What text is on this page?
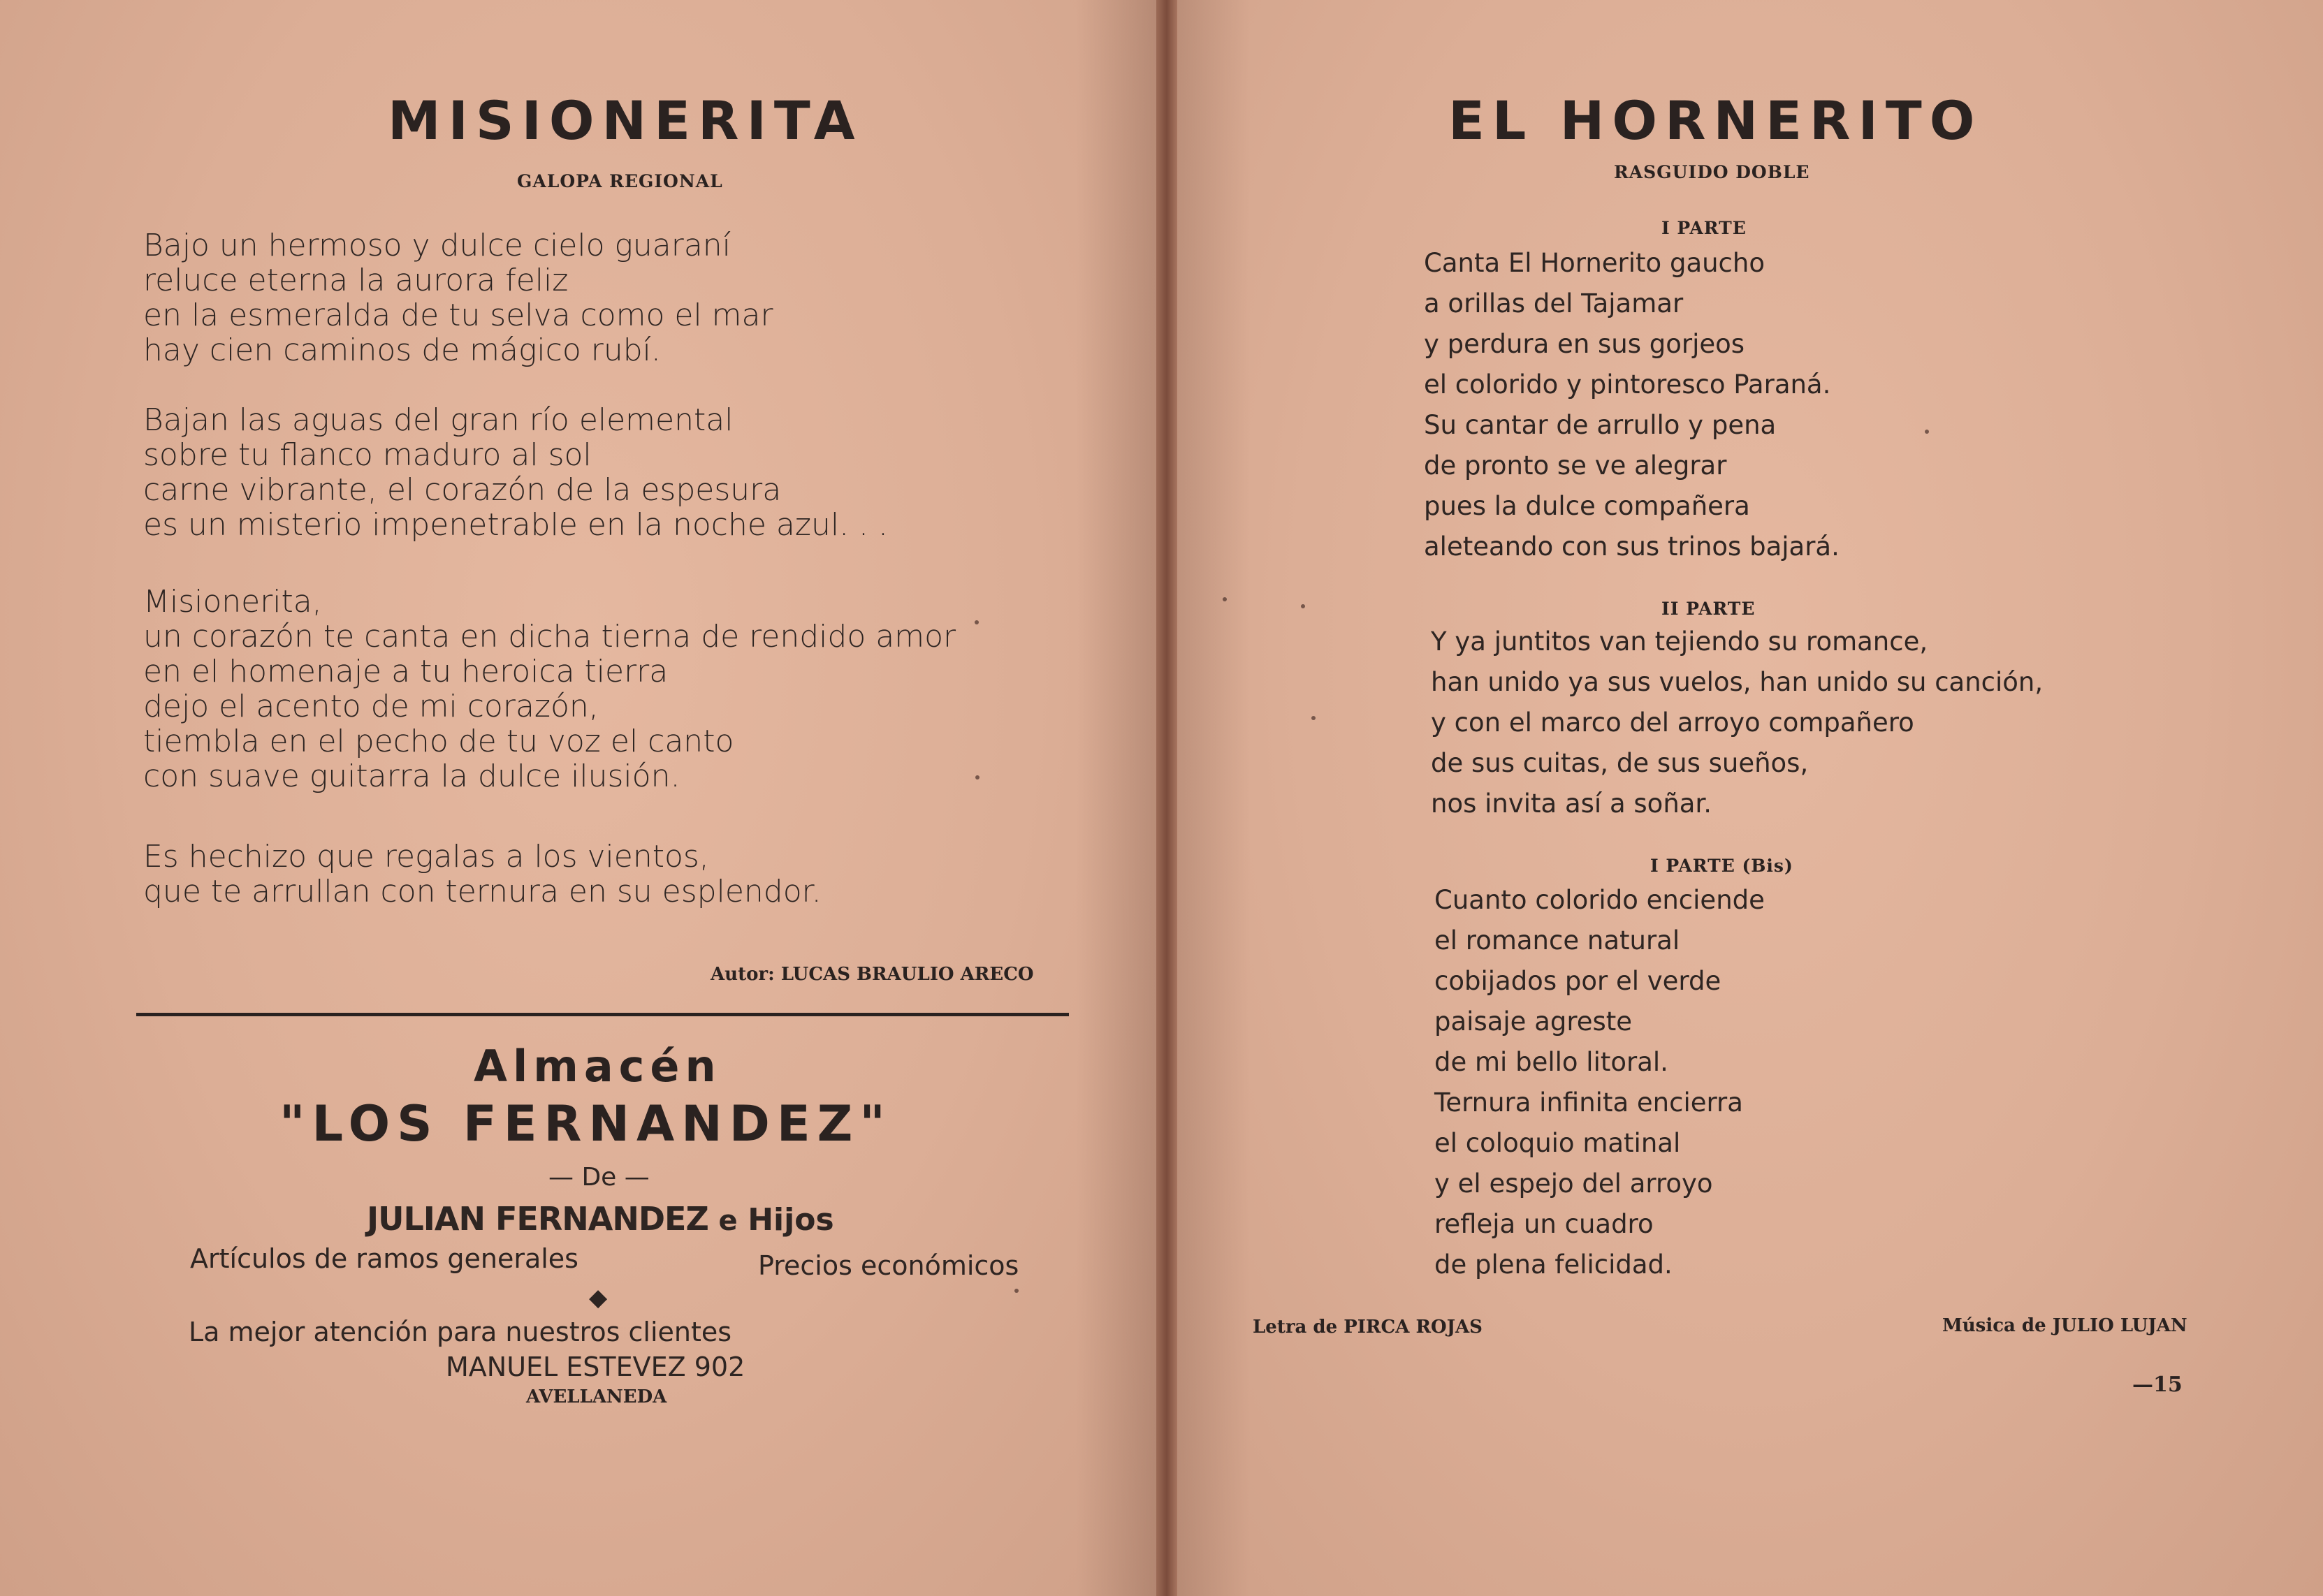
MISIONERITA
GALOPA REGIONAL
Bajo un hermoso y dulce cielo guaraní
reluce eterna la aurora feliz
en la esmeralda de tu selva como el mar
hay cien caminos de mágico rubí.
Bajan las aguas del gran río elemental
sobre tu flanco maduro al sol
carne vibrante, el corazón de la espesura
es un misterio impenetrable en la noche azul. . .
Misionerita,
un corazón te canta en dicha tierna de rendido amor
en el homenaje a tu heroica tierra
dejo el acento de mi corazón,
tiembla en el pecho de tu voz el canto
con suave guitarra la dulce ilusión.
Es hechizo que regalas a los vientos,
que te arrullan con ternura en su esplendor.
Autor: LUCAS BRAULIO ARECO
Almacén
"LOS FERNANDEZ"
— De —
JULIAN FERNANDEZ e Hijos
Artículos de ramos generales	Precios económicos
◆
La mejor atención para nuestros clientes
MANUEL ESTEVEZ 902
AVELLANEDA
EL HORNERITO
RASGUIDO DOBLE
I PARTE
Canta El Hornerito gaucho
a orillas del Tajamar
y perdura en sus gorjeos
el colorido y pintoresco Paraná.
Su cantar de arrullo y pena
de pronto se ve alegrar
pues la dulce compañera
aleteando con sus trinos bajará.
II PARTE
Y ya juntitos van tejiendo su romance,
han unido ya sus vuelos, han unido su canción,
y con el marco del arroyo compañero
de sus cuitas, de sus sueños,
nos invita así a soñar.
I PARTE (Bis)
Cuanto colorido enciende
el romance natural
cobijados por el verde
paisaje agreste
de mi bello litoral.
Ternura infinita encierra
el coloquio matinal
y el espejo del arroyo
refleja un cuadro
de plena felicidad.
Letra de PIRCA ROJAS	Música de JULIO LUJAN
—15
